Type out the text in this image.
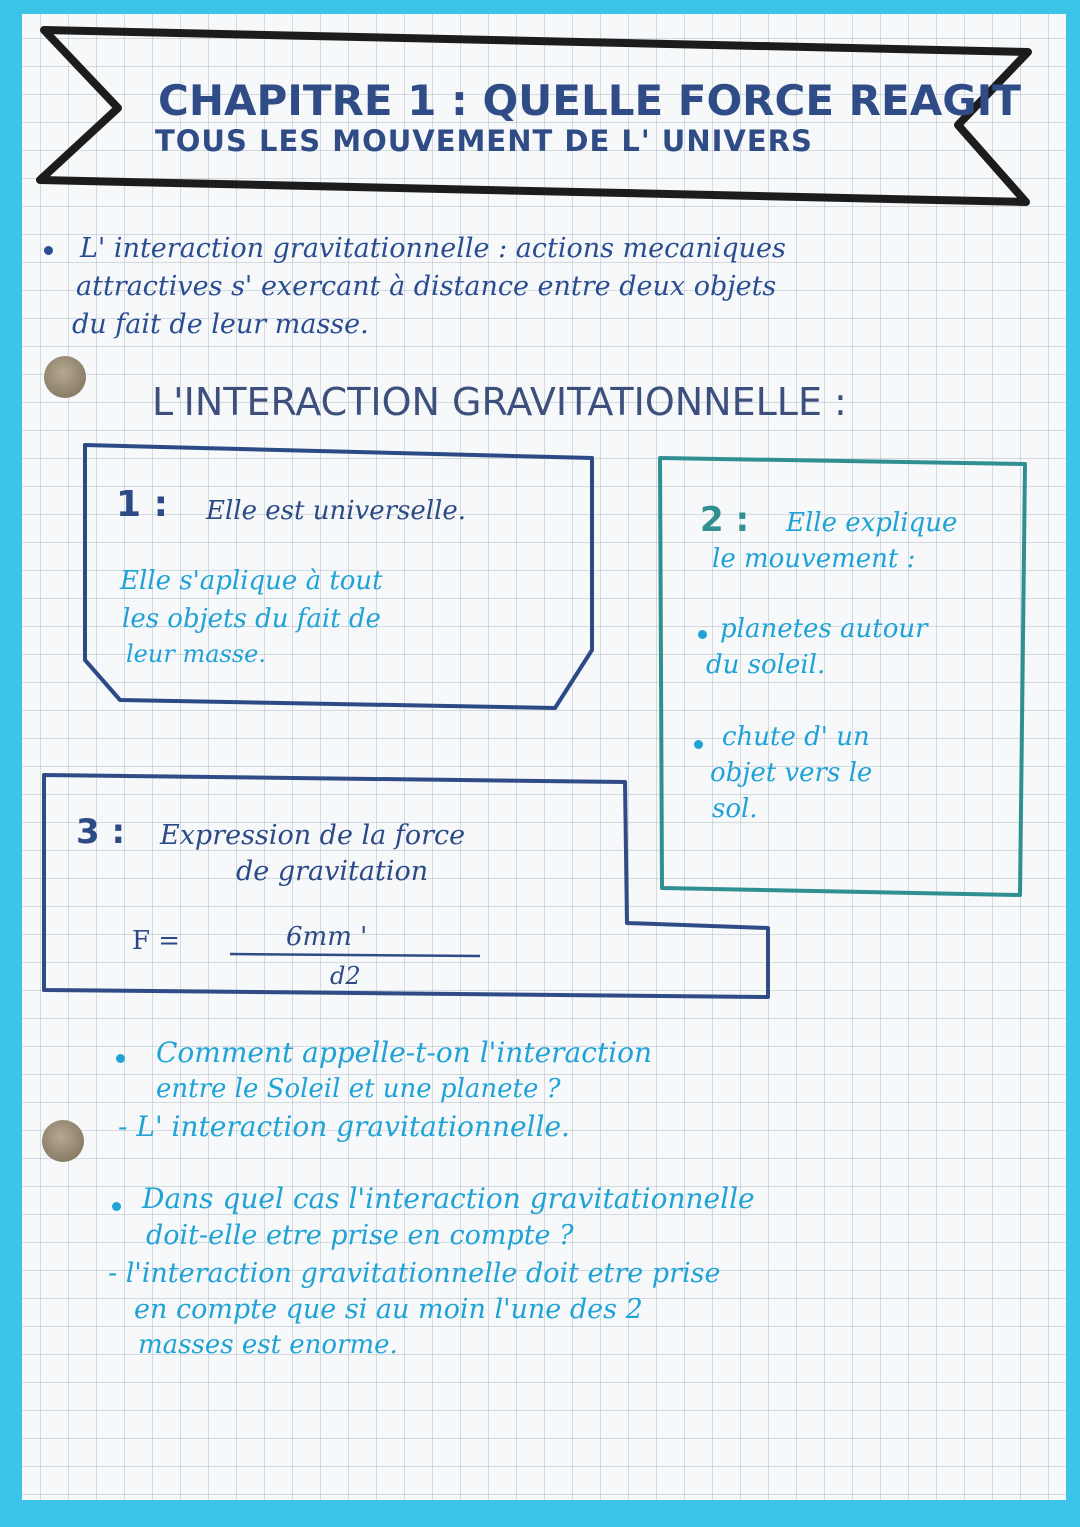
CHAPITRE 1 : QUELLE FORCE REAGIT
TOUS LES MOUVEMENT DE L' UNIVERS
L' interaction gravitationnelle : actions mecaniques
attractives s' exercant à distance entre deux objets
du fait de leur masse.
L'INTERACTION GRAVITATIONNELLE :
1 : Elle est universelle.
Elle s'aplique à tout
les objets du fait de
leur masse.
2 : Elle explique
le mouvement :
planetes autour
du soleil.
chute d' un
objet vers le
sol.
3 : Expression de la force
de gravitation
F =	6mm '
d2
Comment appelle-t-on l'interaction
entre le Soleil et une planete ?
- L' interaction gravitationnelle.
Dans quel cas l'interaction gravitationnelle
doit-elle etre prise en compte ?
- l'interaction gravitationnelle doit etre prise
en compte que si au moin l'une des 2
masses est enorme.
